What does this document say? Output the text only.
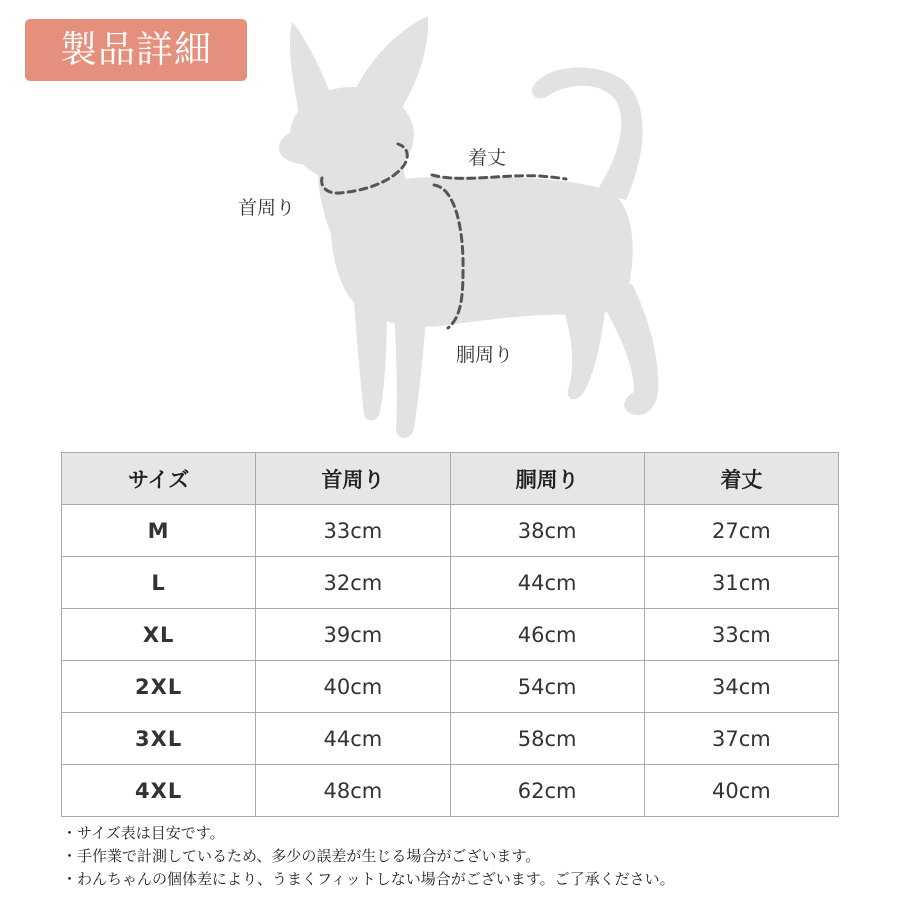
製品詳細
首周り
着丈
胴周り
サイズ	首周り	胴周り	着丈
M	33cm	38cm	27cm
L	32cm	44cm	31cm
XL	39cm	46cm	33cm
2XL	40cm	54cm	34cm
3XL	44cm	58cm	37cm
4XL	48cm	62cm	40cm
・サイズ表は目安です。
・手作業で計測しているため、多少の誤差が生じる場合がございます。
・わんちゃんの個体差により、うまくフィットしない場合がございます。ご了承ください。
